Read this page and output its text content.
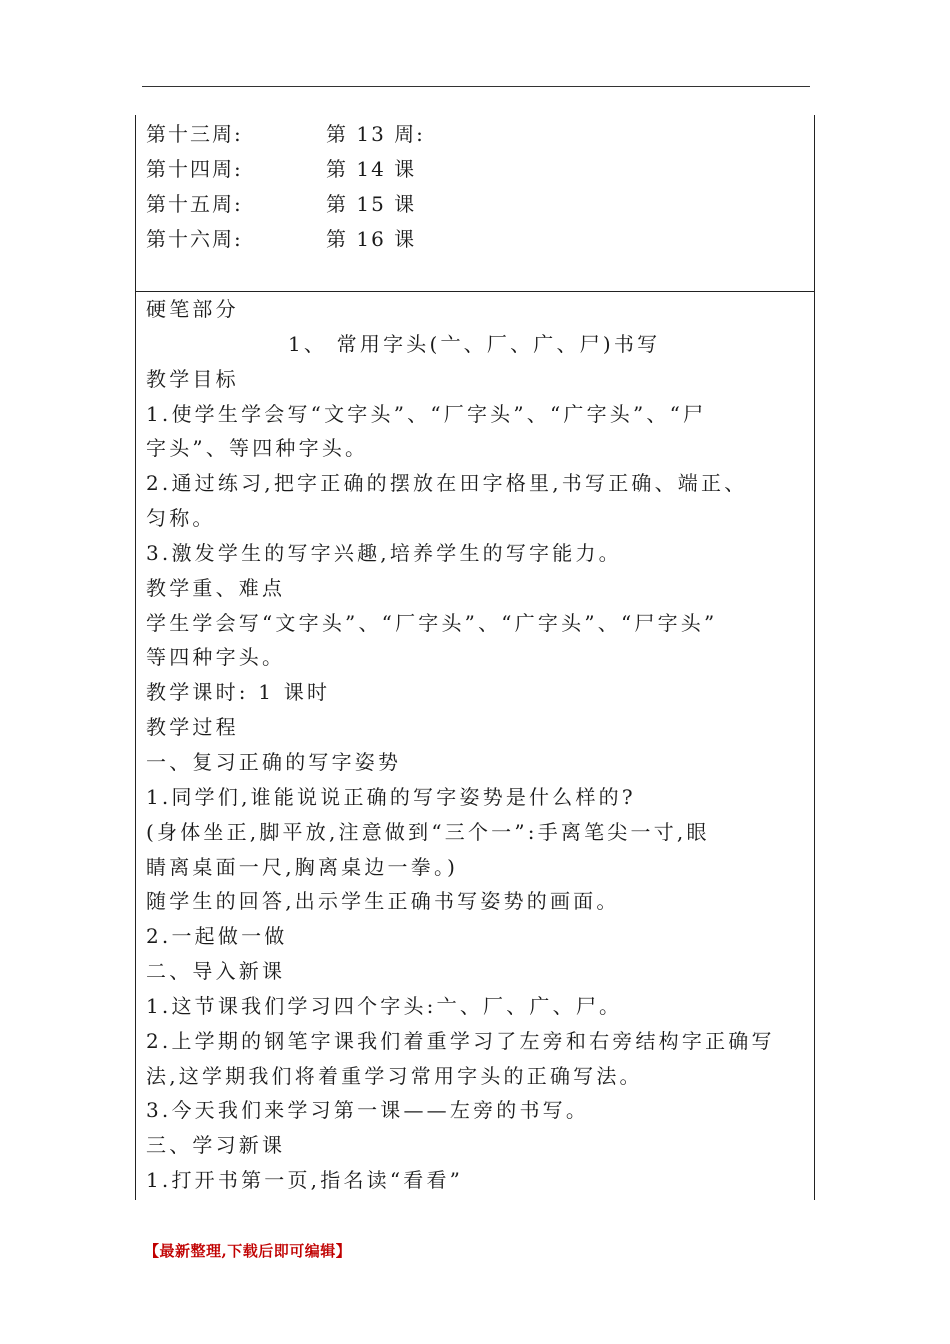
第十三周:	第 13 周:
第十四周:	第 14 课
第十五周:	第 15 课
第十六周:	第 16 课
硬笔部分
1、 常用字头(亠、厂、广、尸)书写
教学目标
1.使学生学会写“文字头”、“厂字头”、“广字头”、“尸
字头”、等四种字头。
2.通过练习,把字正确的摆放在田字格里,书写正确、端正、
匀称。
3.激发学生的写字兴趣,培养学生的写字能力。
教学重、难点
学生学会写“文字头”、“厂字头”、“广字头”、“尸字头”
等四种字头。
教学课时: 1 课时
教学过程
一、复习正确的写字姿势
1.同学们,谁能说说正确的写字姿势是什么样的?
(身体坐正,脚平放,注意做到“三个一”:手离笔尖一寸,眼
睛离桌面一尺,胸离桌边一拳。)
随学生的回答,出示学生正确书写姿势的画面。
2.一起做一做
二、导入新课
1.这节课我们学习四个字头:亠、厂、广、尸。
2.上学期的钢笔字课我们着重学习了左旁和右旁结构字正确写
法,这学期我们将着重学习常用字头的正确写法。
3.今天我们来学习第一课——左旁的书写。
三、学习新课
1.打开书第一页,指名读“看看”
【最新整理,下载后即可编辑】
